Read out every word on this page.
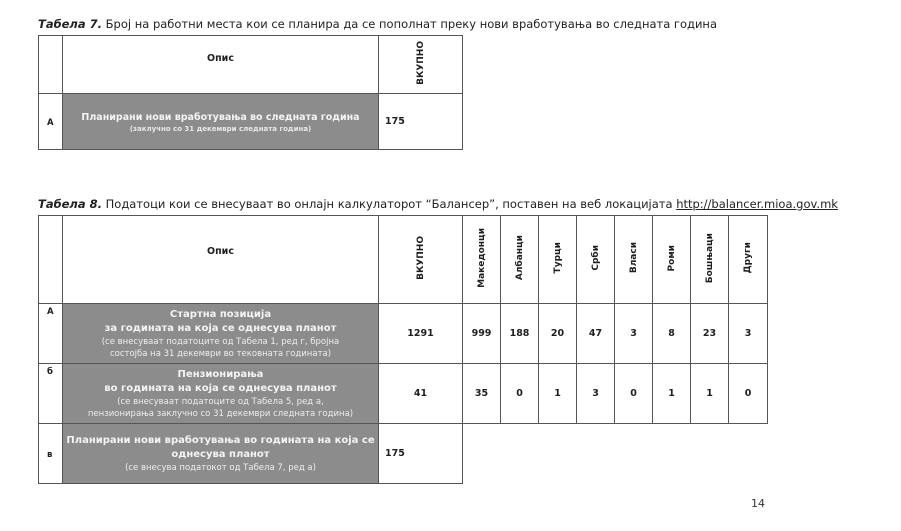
Табела 7. Број на работни места кои се планира да се пополнат преку нови вработувања во следната година
	Опис	ВКУПНО
А	Планирани нови вработувања во следната година
(заклучно со 31 декември следната година)	175
Табела 8. Податоци кои се внесуваат во онлајн калкулаторот “Балансер”, поставен на веб локацијата http://balancer.mioa.gov.mk
	Опис	ВКУПНО	Македонци	Албанци	Турци	Срби	Власи	Роми	Бошњаци	Други
А	Стартна позиција
за годината на која се однесува планот
(се внесуваат податоците од Табела 1, ред г, бројна
состојба на 31 декември во тековната годината)	1291	999	188	20	47	3	8	23	3
б	Пензионирања
во годината на која се однесува планот
(се внесуваат податоците од Табела 5, ред а,
пензионирања заклучно со 31 декември следната година)	41	35	0	1	3	0	1	1	0
в	Планирани нови вработувања во годината на која се
однесува планот
(се внесува податокот од Табела 7, ред а)	175								
14
